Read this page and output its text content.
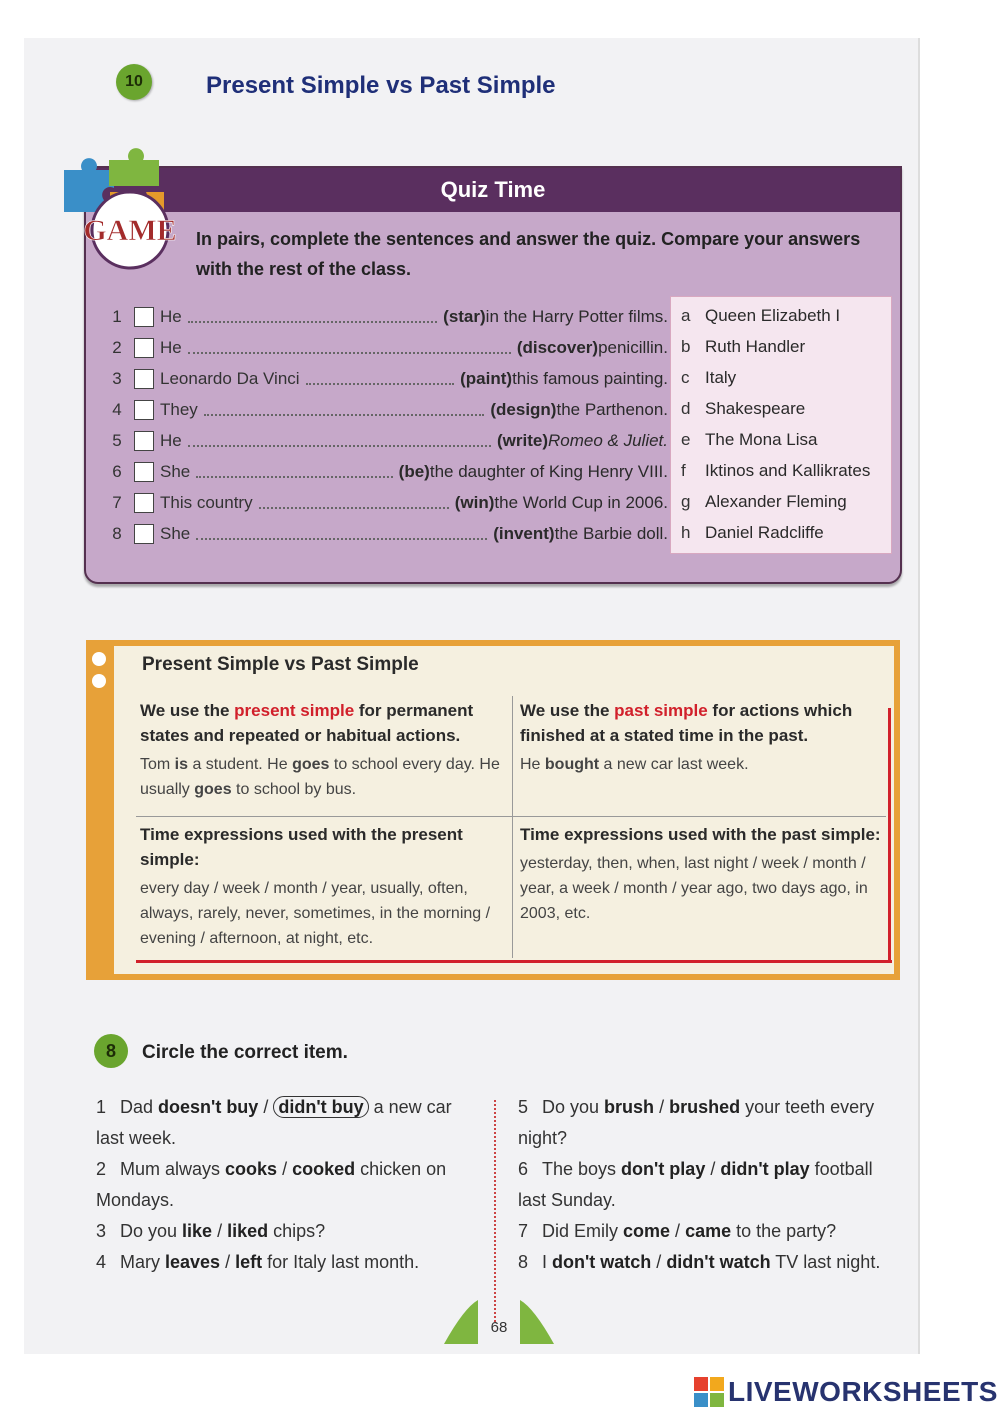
10	Present Simple vs Past Simple
Quiz Time
In pairs, complete the sentences and answer the quiz. Compare your answers with the rest of the class.
1 He	(star) in the Harry Potter films.
2 He	(discover) penicillin.
3 Leonardo Da Vinci	(paint) this famous painting.
4 They	(design) the Parthenon.
5 He	(write) Romeo & Juliet.
6 She	(be) the daughter of King Henry VIII.
7 This country	(win) the World Cup in 2006.
8 She	(invent) the Barbie doll.
a Queen Elizabeth I
b Ruth Handler
c Italy
d Shakespeare
e The Mona Lisa
f	Iktinos and Kallikrates
g Alexander Fleming
h Daniel Radcliffe
GAME
Present Simple vs Past Simple
We use the present simple for permanent states and repeated or habitual actions.
Tom is a student. He goes to school every day. He usually goes to school by bus.
We use the past simple for actions which finished at a stated time in the past.
He bought a new car last week.
Time expressions used with the present simple:
every day / week / month / year, usually, often, always, rarely, never, sometimes, in the morning / evening / afternoon, at night, etc.
Time expressions used with the past simple:
yesterday, then, when, last night / week / month / year, a week / month / year ago, two days ago, in 2003, etc.
8	Circle the correct item.
1 Dad doesn't buy / didn't buy a new car last week.
2 Mum always cooks / cooked chicken on Mondays.
3 Do you like / liked chips?
4 Mary leaves / left for Italy last month.
5 Do you brush / brushed your teeth every night?
6 The boys don't play / didn't play football last Sunday.
7 Did Emily come / came to the party?
8 I don't watch / didn't watch TV last night.
68
LIVEWORKSHEETS
